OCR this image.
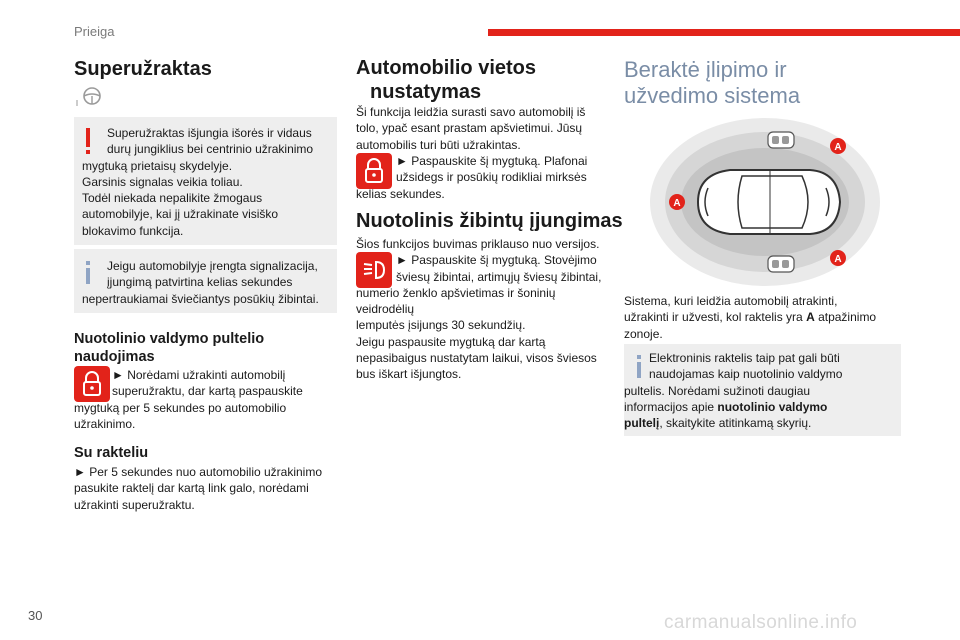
Prieiga
Superužraktas
Superužraktas išjungia išorės ir vidaus
durų jungiklius bei centrinio užrakinimo
mygtuką prietaisų skydelyje.
Garsinis signalas veikia toliau.
Todėl niekada nepalikite žmogaus
automobilyje, kai jį užrakinate visiško
blokavimo funkcija.
Jeigu automobilyje įrengta signalizacija,
įjungimą patvirtina kelias sekundes
nepertraukiamai šviečiantys posūkių žibintai.
Nuotolinio valdymo pultelio
naudojimas
► Norėdami užrakinti automobilį
superužraktu, dar kartą paspauskite
mygtuką per 5 sekundes po automobilio
užrakinimo.
Su rakteliu
► Per 5 sekundes nuo automobilio užrakinimo
pasukite raktelį dar kartą link galo, norėdami
užrakinti superužraktu.
Automobilio vietos
nustatymas
Ši funkcija leidžia surasti savo automobilį iš
tolo, ypač esant prastam apšvietimui. Jūsų
automobilis turi būti užrakintas.
► Paspauskite šį mygtuką. Plafonai
užsidegs ir posūkių rodikliai mirksės
kelias sekundes.
Nuotolinis žibintų įjungimas
Šios funkcijos buvimas priklauso nuo versijos.
► Paspauskite šį mygtuką. Stovėjimo
šviesų žibintai, artimųjų šviesų žibintai,
numerio ženklo apšvietimas ir šoninių veidrodėlių
lemputės įsijungs 30 sekundžių.
Jeigu paspausite mygtuką dar kartą
nepasibaigus nustatytam laikui, visos šviesos
bus iškart išjungtos.
Beraktė įlipimo ir
užvedimo sistema
A
A
A
Sistema, kuri leidžia automobilį atrakinti,
užrakinti ir užvesti, kol raktelis yra A atpažinimo
zonoje.
Elektroninis raktelis taip pat gali būti
naudojamas kaip nuotolinio valdymo
pultelis. Norėdami sužinoti daugiau
informacijos apie nuotolinio valdymo
pultelį, skaitykite atitinkamą skyrių.
30	carmanualsonline.info
